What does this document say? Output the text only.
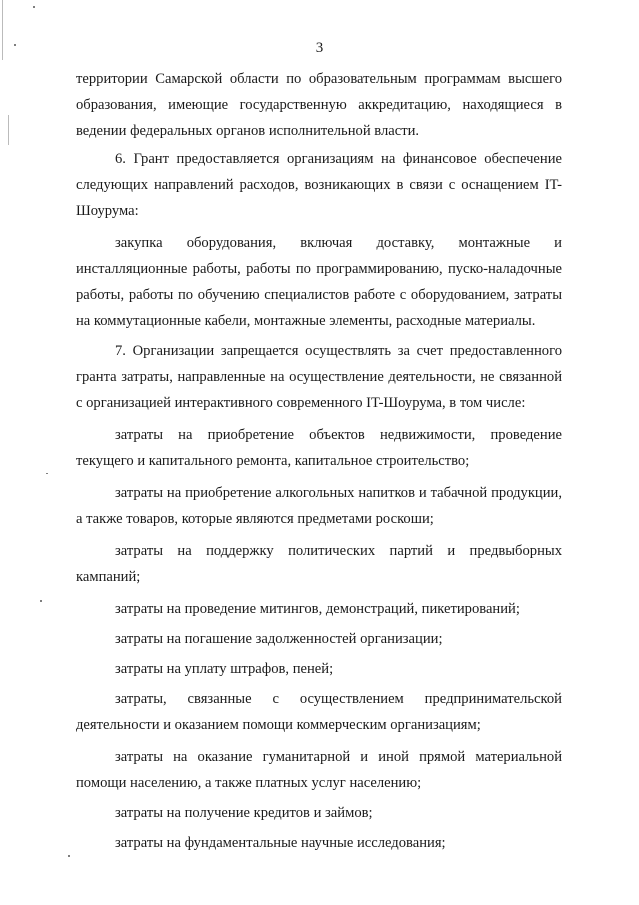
3

территории Самарской области по образовательным программам высшего образования, имеющие государственную аккредитацию, находящиеся в ведении федеральных органов исполнительной власти.

6. Грант предоставляется организациям на финансовое обеспечение следующих направлений расходов, возникающих в связи с оснащением IT-Шоурума:

закупка оборудования, включая доставку, монтажные и инсталляционные работы, работы по программированию, пуско-наладочные работы, работы по обучению специалистов работе с оборудованием, затраты на коммутационные кабели, монтажные элементы, расходные материалы.

7. Организации запрещается осуществлять за счет предоставленного гранта затраты, направленные на осуществление деятельности, не связанной с организацией интерактивного современного IT-Шоурума, в том числе:

затраты на приобретение объектов недвижимости, проведение текущего и капитального ремонта, капитальное строительство;

затраты на приобретение алкогольных напитков и табачной продукции, а также товаров, которые являются предметами роскоши;

затраты на поддержку политических партий и предвыборных кампаний;

затраты на проведение митингов, демонстраций, пикетирований;

затраты на погашение задолженностей организации;

затраты на уплату штрафов, пеней;

затраты, связанные с осуществлением предпринимательской деятельности и оказанием помощи коммерческим организациям;

затраты на оказание гуманитарной и иной прямой материальной помощи населению, а также платных услуг населению;

затраты на получение кредитов и займов;

затраты на фундаментальные научные исследования;
